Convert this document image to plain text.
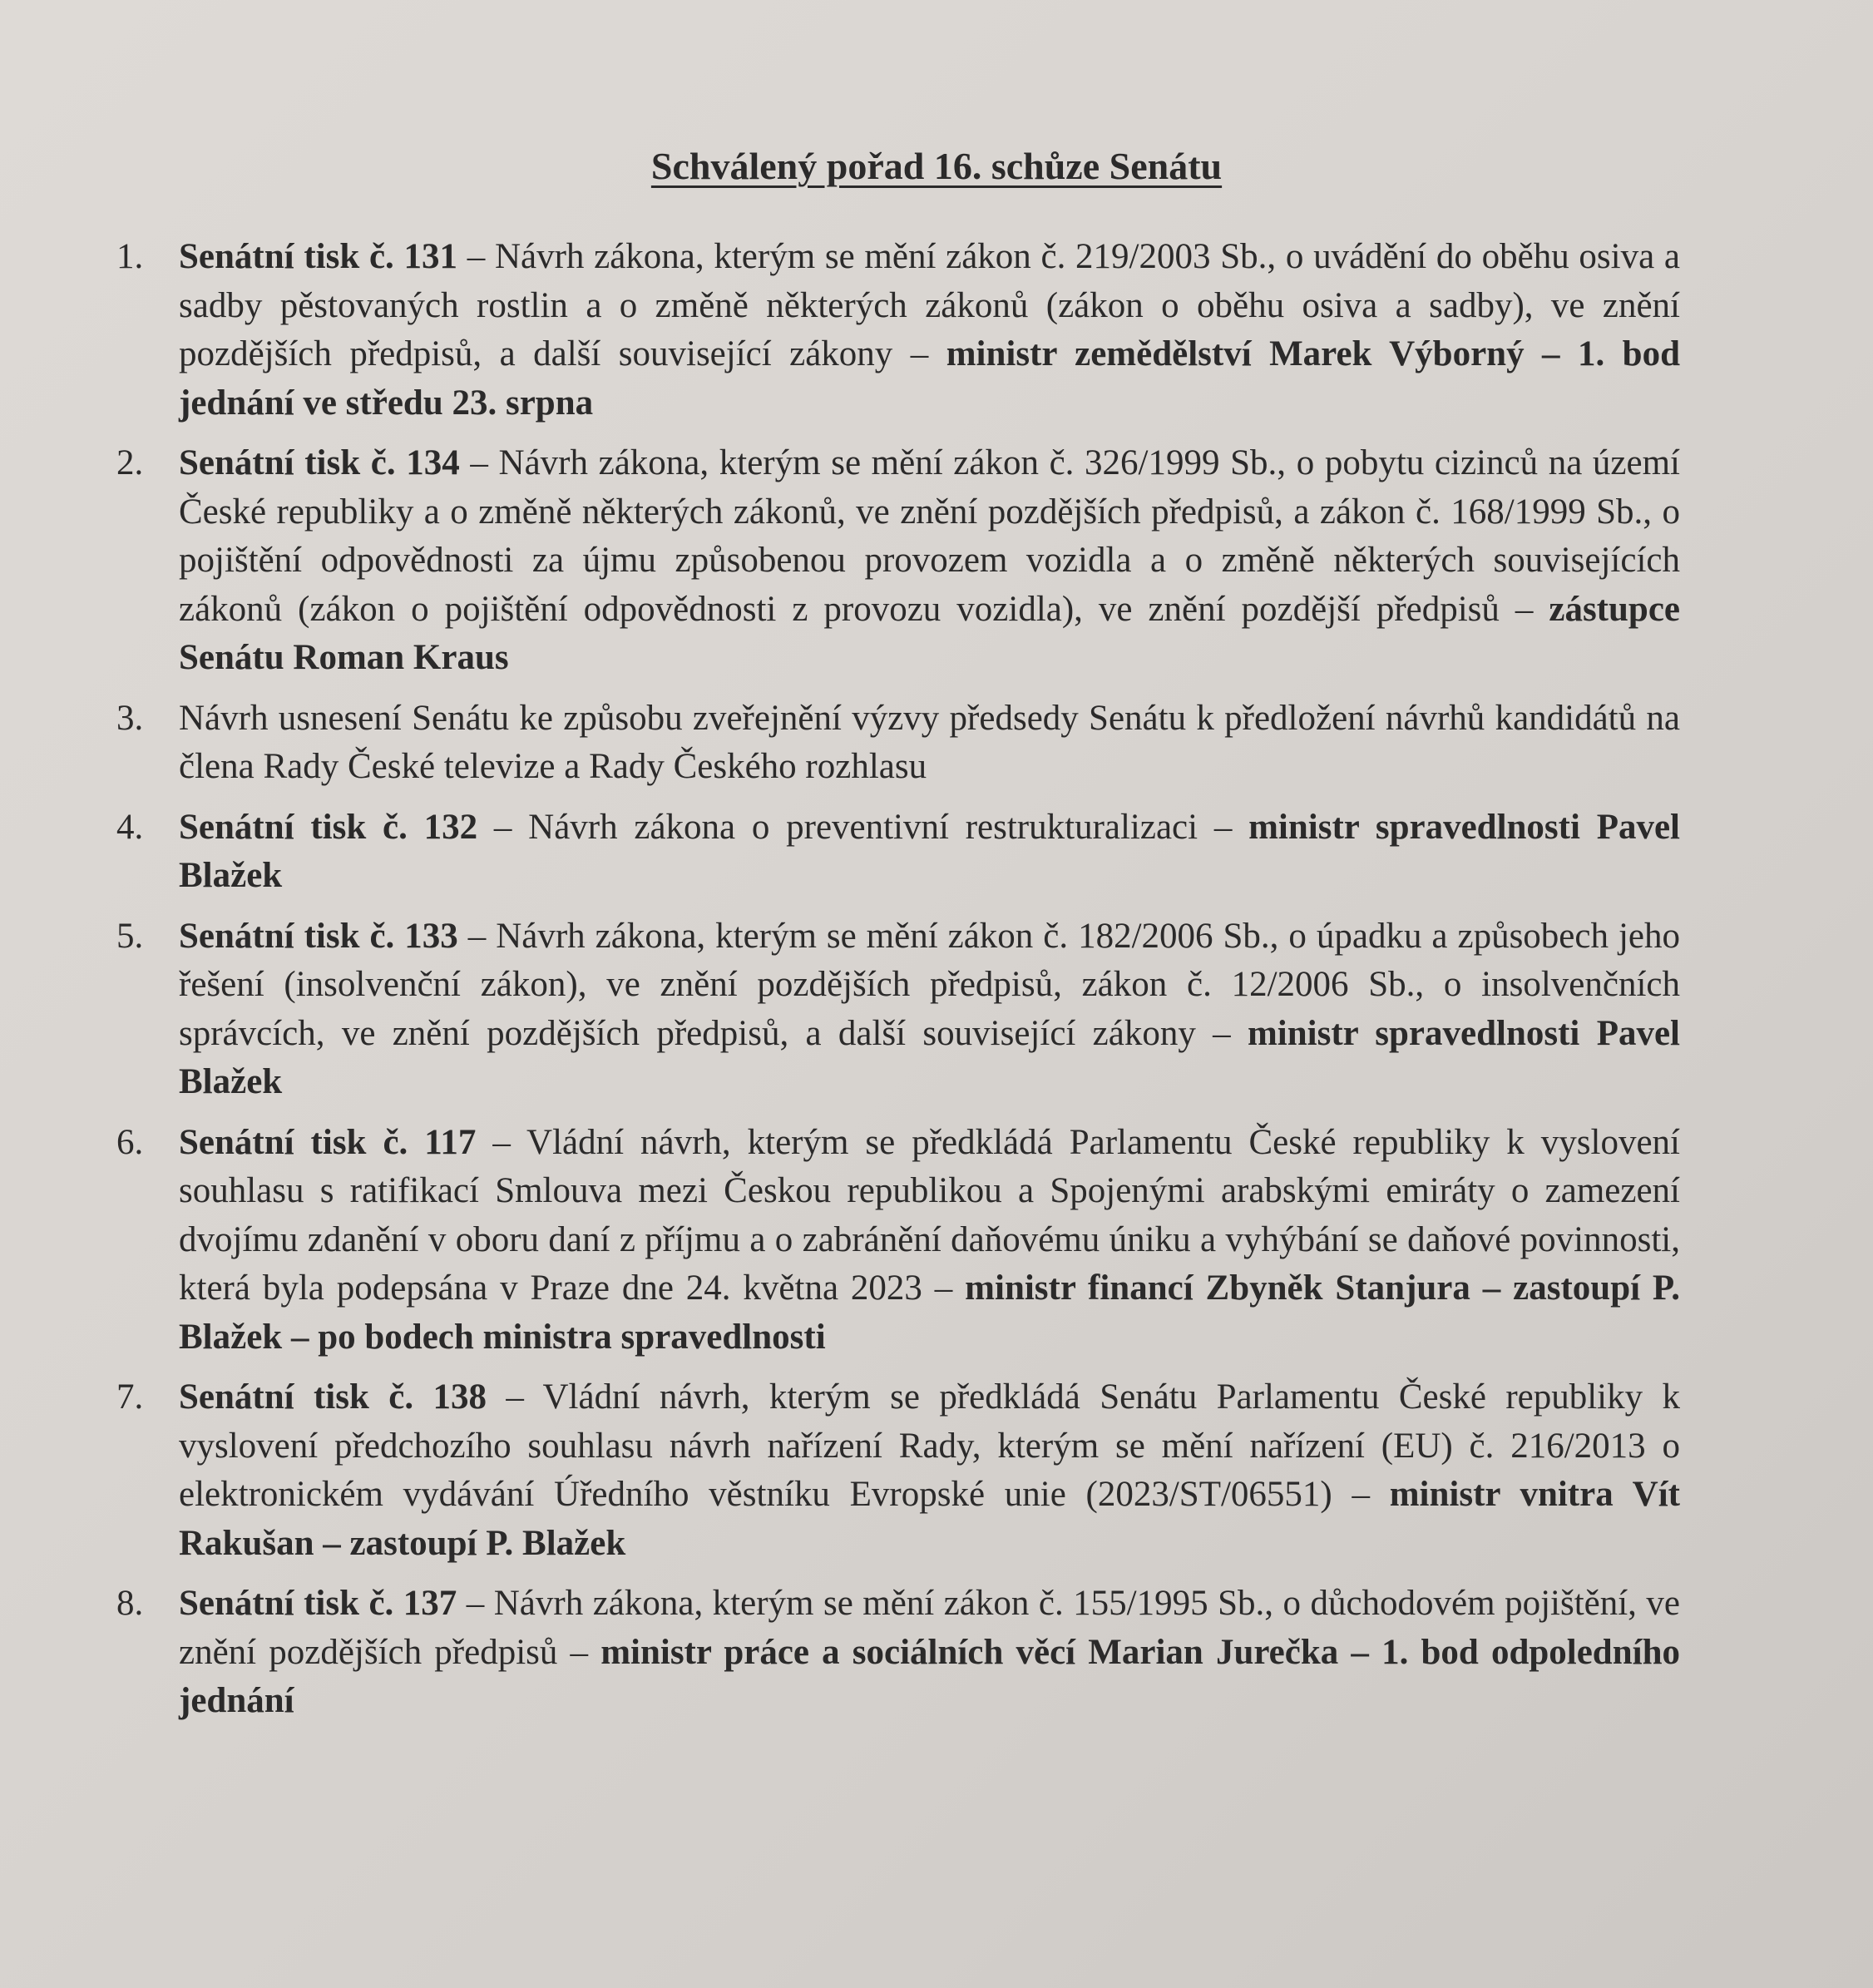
Schválený pořad 16. schůze Senátu
1. Senátní tisk č. 131 – Návrh zákona, kterým se mění zákon č. 219/2003 Sb., o uvádění do oběhu osiva a sadby pěstovaných rostlin a o změně některých zákonů (zákon o oběhu osiva a sadby), ve znění pozdějších předpisů, a další související zákony – ministr zemědělství Marek Výborný – 1. bod jednání ve středu 23. srpna
2. Senátní tisk č. 134 – Návrh zákona, kterým se mění zákon č. 326/1999 Sb., o pobytu cizinců na území České republiky a o změně některých zákonů, ve znění pozdějších předpisů, a zákon č. 168/1999 Sb., o pojištění odpovědnosti za újmu způsobenou provozem vozidla a o změně některých souvisejících zákonů (zákon o pojištění odpovědnosti z provozu vozidla), ve znění pozdější předpisů – zástupce Senátu Roman Kraus
3. Návrh usnesení Senátu ke způsobu zveřejnění výzvy předsedy Senátu k předložení návrhů kandidátů na člena Rady České televize a Rady Českého rozhlasu
4. Senátní tisk č. 132 – Návrh zákona o preventivní restrukturalizaci – ministr spravedlnosti Pavel Blažek
5. Senátní tisk č. 133 – Návrh zákona, kterým se mění zákon č. 182/2006 Sb., o úpadku a způsobech jeho řešení (insolvenční zákon), ve znění pozdějších předpisů, zákon č. 12/2006 Sb., o insolvenčních správcích, ve znění pozdějších předpisů, a další související zákony – ministr spravedlnosti Pavel Blažek
6. Senátní tisk č. 117 – Vládní návrh, kterým se předkládá Parlamentu České republiky k vyslovení souhlasu s ratifikací Smlouva mezi Českou republikou a Spojenými arabskými emiráty o zamezení dvojímu zdanění v oboru daní z příjmu a o zabránění daňovému úniku a vyhýbání se daňové povinnosti, která byla podepsána v Praze dne 24. května 2023 – ministr financí Zbyněk Stanjura – zastoupí P. Blažek – po bodech ministra spravedlnosti
7. Senátní tisk č. 138 – Vládní návrh, kterým se předkládá Senátu Parlamentu České republiky k vyslovení předchozího souhlasu návrh nařízení Rady, kterým se mění nařízení (EU) č. 216/2013 o elektronickém vydávání Úředního věstníku Evropské unie (2023/ST/06551) – ministr vnitra Vít Rakušan – zastoupí P. Blažek
8. Senátní tisk č. 137 – Návrh zákona, kterým se mění zákon č. 155/1995 Sb., o důchodovém pojištění, ve znění pozdějších předpisů – ministr práce a sociálních věcí Marian Jurečka – 1. bod odpoledního jednání
